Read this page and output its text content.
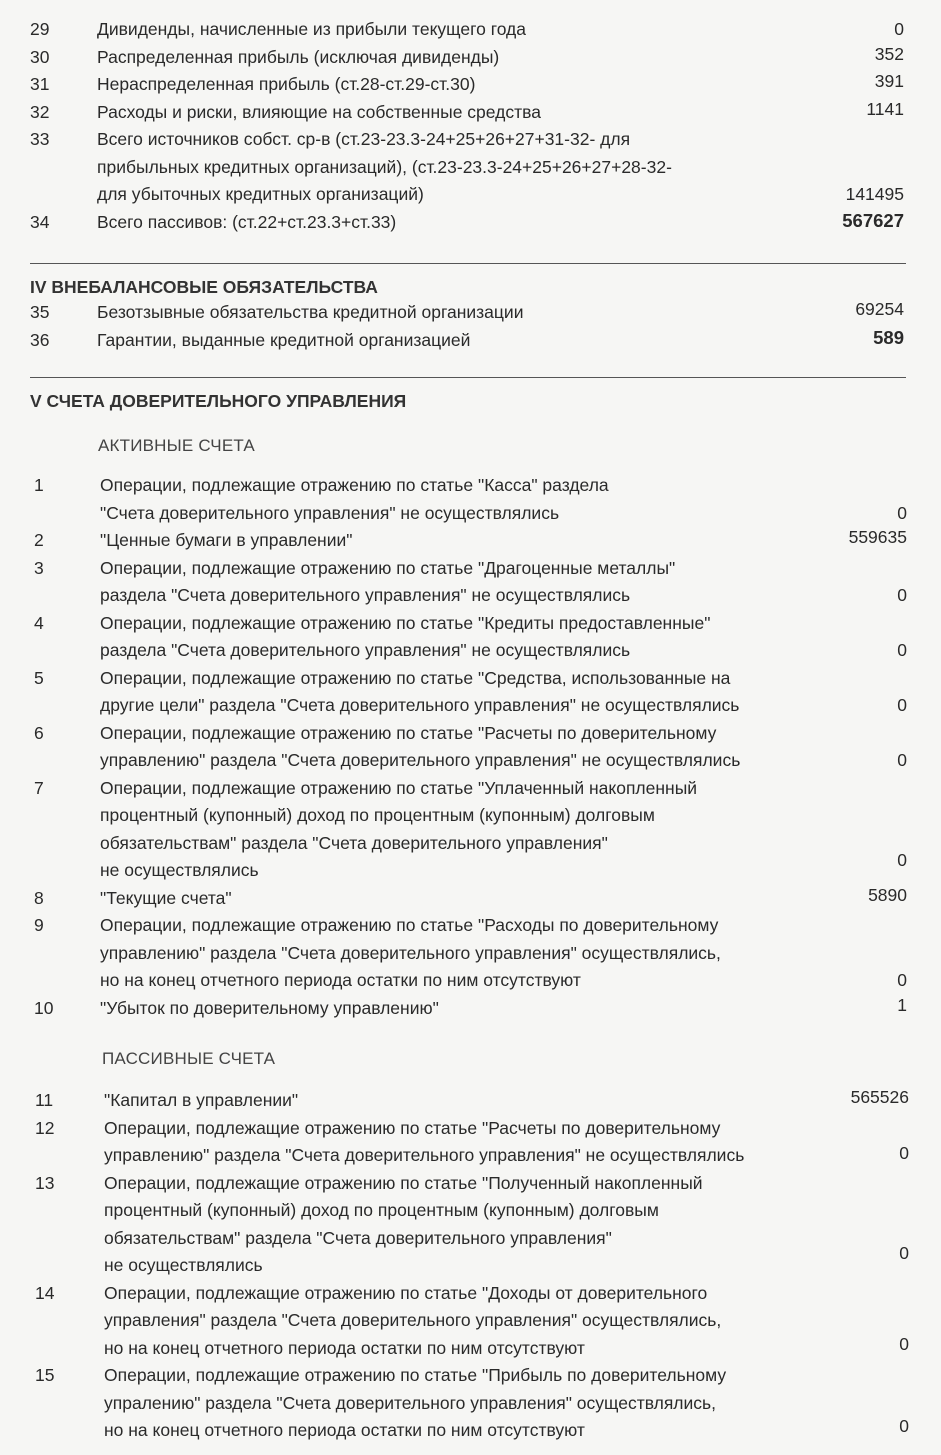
29	Дивиденды, начисленные из прибыли текущего года	0
30	Распределенная прибыль (исключая дивиденды)	352
31	Нераспределенная прибыль (ст.28-ст.29-ст.30)	391
32	Расходы и риски, влияющие на собственные средства	1141
33	Всего источников собст. ср-в (ст.23-23.3-24+25+26+27+31-32- для
прибыльных кредитных организаций), (ст.23-23.3-24+25+26+27+28-32-
для убыточных кредитных организаций)	141495
34	Всего пассивов: (ст.22+ст.23.3+ст.33)	567627
IV ВНЕБАЛАНСОВЫЕ ОБЯЗАТЕЛЬСТВА
35	Безотзывные обязательства кредитной организации	69254
36	Гарантии, выданные кредитной организацией	589
V СЧЕТА ДОВЕРИТЕЛЬНОГО УПРАВЛЕНИЯ
АКТИВНЫЕ СЧЕТА
1	Операции, подлежащие отражению по статье "Касса" раздела
"Счета доверительного управления" не осуществлялись	0
2	"Ценные бумаги в управлении"	559635
3	Операции, подлежащие отражению по статье "Драгоценные металлы"
раздела "Счета доверительного управления" не осуществлялись	0
4	Операции, подлежащие отражению по статье "Кредиты предоставленные"
раздела "Счета доверительного управления" не осуществлялись	0
5	Операции, подлежащие отражению по статье "Средства, использованные на
другие цели" раздела "Счета доверительного управления" не осуществлялись	0
6	Операции, подлежащие отражению по статье "Расчеты по доверительному
управлению" раздела "Счета доверительного управления" не осуществлялись	0
7	Операции, подлежащие отражению по статье "Уплаченный накопленный
процентный (купонный) доход по процентным (купонным) долговым
обязательствам" раздела "Счета доверительного управления"
не осуществлялись	0
8	"Текущие счета"	5890
9	Операции, подлежащие отражению по статье "Расходы по доверительному
управлению" раздела "Счета доверительного управления" осуществлялись,
но на конец отчетного периода остатки по ним отсутствуют	0
10	"Убыток по доверительному управлению"	1
ПАССИВНЫЕ СЧЕТА
11	"Капитал в управлении"	565526
12	Операции, подлежащие отражению по статье "Расчеты по доверительному
управлению" раздела "Счета доверительного управления" не осуществлялись	0
13	Операции, подлежащие отражению по статье "Полученный накопленный
процентный (купонный) доход по процентным (купонным) долговым
обязательствам" раздела "Счета доверительного управления"
не осуществлялись
0
14	Операции, подлежащие отражению по статье "Доходы от доверительного
управления" раздела "Счета доверительного управления" осуществлялись,
но на конец отчетного периода остатки по ним отсутствуют	0
15	Операции, подлежащие отражению по статье "Прибыль по доверительному
упралению" раздела "Счета доверительного управления" осуществлялись,
но на конец отчетного периода остатки по ним отсутствуют	0
